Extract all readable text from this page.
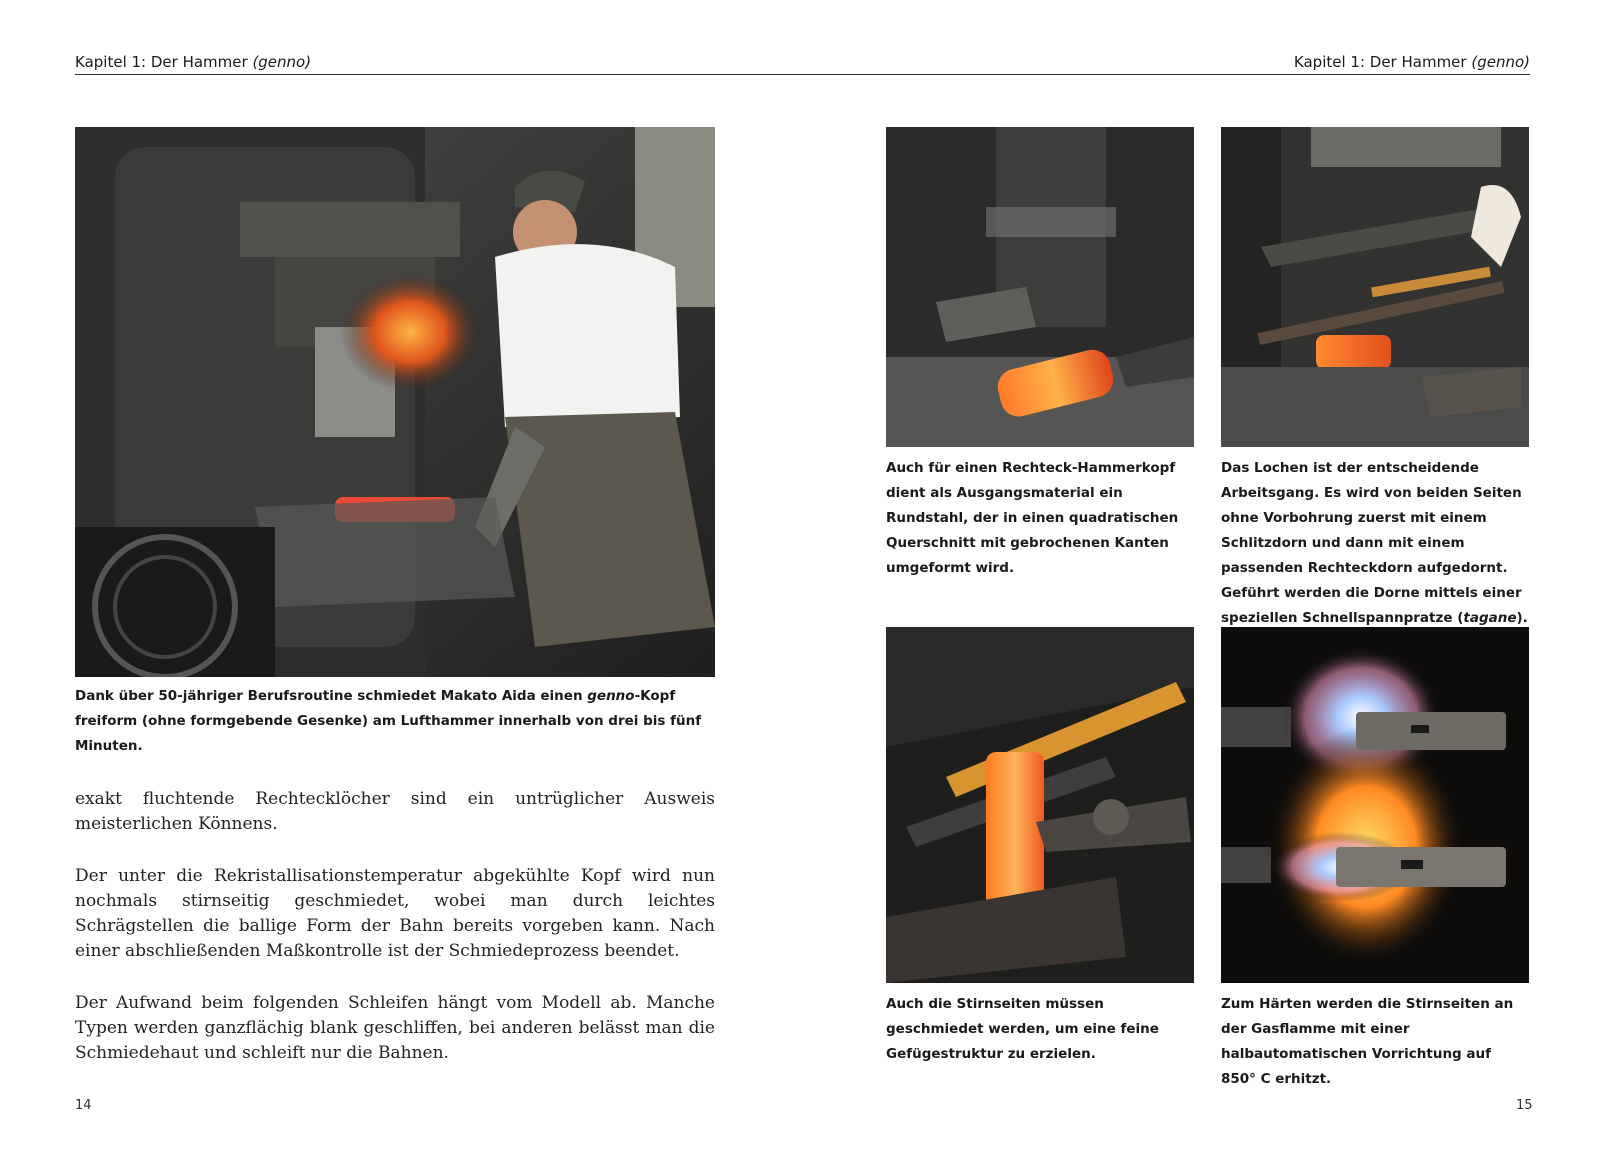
Kapitel 1: Der Hammer (genno)	Kapitel 1: Der Hammer (genno)
Dank über 50-jähriger Berufsroutine schmiedet Makato Aida einen genno-Kopf freiform (ohne formgebende Gesenke) am Lufthammer innerhalb von drei bis fünf Minuten.

exakt fluchtende Rechtecklöcher sind ein untrüglicher Ausweis meisterlichen Könnens.

Der unter die Rekristallisationstemperatur abgekühlte Kopf wird nun nochmals stirnseitig geschmiedet, wobei man durch leichtes Schrägstellen die ballige Form der Bahn bereits vorgeben kann. Nach einer abschließenden Maßkontrolle ist der Schmiedeprozess beendet.

Der Aufwand beim folgenden Schleifen hängt vom Modell ab. Manche Typen werden ganzflächig blank geschliffen, bei anderen belässt man die Schmiedehaut und schleift nur die Bahnen.

14
Auch für einen Rechteck-Hammerkopf dient als Ausgangsmaterial ein Rundstahl, der in einen quadratischen Querschnitt mit gebrochenen Kanten umgeformt wird.
Das Lochen ist der entscheidende Arbeitsgang. Es wird von beiden Seiten ohne Vorbohrung zuerst mit einem Schlitzdorn und dann mit einem passenden Rechteckdorn aufgedornt. Geführt werden die Dorne mittels einer speziellen Schnellspannpratze (tagane).
Auch die Stirnseiten müssen geschmiedet werden, um eine feine Gefügestruktur zu erzielen.
Zum Härten werden die Stirnseiten an der Gasflamme mit einer halbautomatischen Vorrichtung auf 850° C erhitzt.
15
